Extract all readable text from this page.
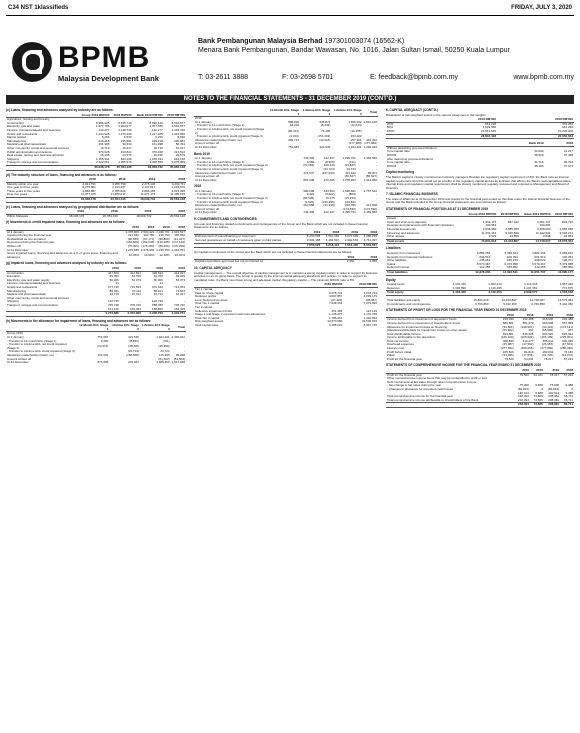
C34 NST 1klassifieds	FRIDAY, JULY 3, 2020
BPMB
Malaysia Development Bank
Bank Pembangunan Malaysia Berhad 197301003074 (16562-K)
Menara Bank Pembangunan, Bandar Wawasan, No. 1016, Jalan Sultan Ismail, 50250 Kuala Lumpur
T: 03-2611 3888	F: 03-2698 5701	E: feedback@bpmb.com.my	www.bpmb.com.my
NOTES TO THE FINANCIAL STATEMENTS - 31 DECEMBER 2019 (CONT'D.)
(c) Loans, financing and advances analysed by industry are as follows:
	Group 2019 RM'000	2018 RM'000	Bank 2019 RM'000	2018 RM'000
Agriculture, hunting and forestry				
Construction	8,966,325	8,535,744	8,696,649	8,532,577
Electricity, gas and water	1,977,786	1,964,977	1,977,786	1,964,977
Finance, insurance/takaful and business	142,277	2,148,740	142,277	2,148,740
Hotels and restaurants	1,244,928	1,273,400	1,217,205	1,216,856
Marine related	5,256	6,530	5,256	6,530
Manufacturing	249,218	235,581	249,218	235,581
Medical and pharmaceuticals	161,398	50,334	161,398	50,334
Other community, social and personal services	16,719	16,017	16,719	16,017
Public administration and defence	370,328	313,824	370,328	313,812
Real estate, renting and business activities	16,196	23,579	16,196	23,579
Shipping	1,155,334	844,136	1,155,334	844,136
Transport, storage and communication	2,422,661	1,905,370	2,398,556	3,078,999
	36,038,178	35,784,436	36,009,732	35,864,148
(d) The maturity structure of loans, financing and advances is as follows:
	2019	2018	2019	2018
Maturity within one year	2,341,731	4,255,799	2,278,146	4,203,711
One year to three years	2,275,901	2,214,397	2,137,917	2,245,876
Three years to five years	2,868,887	2,785,026	2,886,165	2,615,095
Over five years	11,077,475	11,483,047	11,077,475	11,496,136
	18,038,178	20,784,436	18,009,732	20,564,148
(e) Loans, financing and advances analysed by geographical distribution are as follows:
	2019	2018	2019	2018
Within Malaysia	18,038,178	20,784,436	18,009,732	20,564,148
(f) Movements in credit impaired loans, financing and advances are as follows:
	2019	2018	2019	2018
At 1 January	2,376,906	2,563,422	2,346,751	2,633,517
Impaired during the financial year	221,940	390,780	216,750	396,650
Reclassified as non-impaired	(96,555)	(97,171)	(96,880)	(41,047)
Recovered during the financial year	(153,605)	(162,646)	(140,395)	(147,140)
Written off	(75,000)	(176,450)	(89,466)	(170,299)
At 31 December	2,273,686	2,376,906	2,236,760	2,346,751
Gross impaired loans, financing and advances as a % of gross loans, financing and advances	12.45%	10.90%	12.18%	10.91%
(g) Impaired loans, financing and advances analysed by industry are as follows:
	2019	2018	2019	2018
Construction	447,873	414,531	445,544	414,047
Education	69,353	63,760	63,760	69,029
Electricity, gas and water supply	50,306	54,373	50,306	54,373
Finance, insurance/takaful and business	21		21	
Hotels and restaurants	677,745	716,543	670,649	712,051
Manufacturing	86,341	70,114	86,101	71,523
Medical and pharmaceuticals	16,719	16,017	16,719	16,017
Other community, social and personal services				
Shipping	122,735	-	122,735	-
Transport, storage and communication	795,748	705,726	658,780	705,726
	161,146	169,493	156,826	162,425
	2,273,686	2,376,906	2,236,760	2,346,751
(h) Movements in the allowance for impairment of loans, financing and advances are as follows:
	12-Month ECL Stage 1	Lifetime ECL Stage 2	Lifetime ECL Stage 3	Total
Group 2019				
At 1 January	751,987	423,536	1,324,421	2,499,922
- Transfer to 12-month ECL (Stage 1)	9,380	(8,834)	(761)	-
- Transfer to Lifetime ECL not credit impaired (Stage 2)	(70,374)	105,509	(35,490)	-
- Transfer to Lifetime ECL credit impaired (Stage 3)		(23,724)	23,724	-
Allowance made/(written back), net	161,562	(168,608)	115,496	99,098
Amount written off			(81,503)	(81,503)
At 31 December	876,395	270,947	1,305,453	2,517,069
	12-Month ECL Stage 1	Lifetime ECL Stage 2	Lifetime ECL Stage 3	Total
2018				
At 1 January	580,830	545,874	1,695,352	2,822,100
- Transfer to 12-month ECL (Stage 1)	18,204	(8,449)	(11,614)	-
- Transfer to Lifetime ECL not credit impaired (Stage 2)	(60,341)	76,496	(16,155)	-
- Transfer to Lifetime ECL credit impaired (Stage 3)	(2,001)	(151,003)	153,003	-
Allowance made/(written back), net	200,713	(43,318)	257,901	415,302
Amount written off			(177,980)	(177,980)
At 31 December	751,987	423,536	1,324,421	2,499,922
Bank 2019
At 1 January	749,405	422,327	1,295,761	2,469,566
- Transfer to 12-month ECL (Stage 1)	9,669	(8,909)	(761)	-
- Transfer to Lifetime ECL not credit impaired (Stage 2)	(70,283)	105,143	(34,847)	-
- Transfer to Lifetime ECL credit impaired (Stage 3)		(23,724)	23,724	-
Allowance made/(written back), net	176,570	(167,633)	113,942	99,901
Amount written off			(80,627)	(80,627)
At 31 December	864,008	270,605	1,278,963	2,414,050
2018
At 1 January	580,298	544,563	1,638,661	2,767,522
- Transfer to 12-month ECL (Stage 1)	9,422	(8,622)	(800)	-
- Transfer to Lifetime ECL not credit impaired (Stage 2)	(60,528)	76,475	(15,153)	-
- Transfer to Lifetime ECL credit impaired (Stage 3)	(2,526)	(150,995)	153,821	-
Allowance made/(written back), net	210,588	(41,236)	294,056	413,508
Amount written off			(174,530)	(174,530)
At 31 December	749,405	422,327	1,295,761	2,469,566
9. COMMITMENTS AND CONTINGENCIES
(a) Loan and financing related commitments and contingencies of the Group and the Bank which are not included in these financial statements are as follows:
	2019	2018	2019	2018
Disbursement of loans/financing to customers	5,250,608	4,510,166	6,071,639	4,286,236
Secured guarantees on behalf of customers given to third parties	2,301,188	1,191,547	2,301,663	1,761,397
	7,550,026	6,218,413	7,513,405	6,049,567
(b) Capital commitments of the Group and the Bank which are not included in these financial statements are as follows:
		2019		2018
Capital expenditure approved but not contracted for		2,360		2,360
10. CAPITAL ADEQUACY
Capital management — The overall objective of capital management is to maintain a strong capital position in order to support its business activities on an on-going basis. The Group is guided by the internal capital adequacy standards and policies. In order to support its mandated roles, the Bank must have strong and adequate capital. Regulatory capital — The minimum RWCR ratio is 8%.
		2019 RM'000		2018 RM'000
Tier 1 capital				
Paid-up share capital		3,078,724		3,078,724
Retained profits		4,607,857		4,239,179
Less: Deferred tax asset		(37,420)		(38,067)
Total Tier 1 capital		7,649,161		7,279,836
Tier 2 capital				
Collective impairment funds		451,384		124,129
Stage 1 and Stage 2 expected credit loss allowances		1,135,077		1,170,765
Total Tier 2 capital		1,786,461		1,294,894
Risk-weighted assets		34,570,580		31,593,819
Total capital base		9,185,622		8,647,745
6. CAPITAL ADEQUACY (CONT'D.)
Breakdown of risk-weighted assets in the various categories of risk weights:
		2019 RM'000		2018 RM'000
20%		661,218		476,256
50%		1,539,558		942,296
100%		21,641,646		21,234,000
		23,842,418		22,652,633
		Bank 2019		2018
Without deducting proposed dividend:				
Core capital ratio		32.090		31.217
RWCR		38.529		37.498
After deducting proposed dividend:				
Core capital ratio		31.716		30.794
RWCR		38.196		37.073
Capital monitoring
The Bank's capital is closely monitored and actively managed. Besides the regulatory capital requirement of 8%, the Bank sets an internal capital requirement limit that would act as a buffer to the regulatory capital and as an indicator that affirms the Bank's well capitalised status. Internal limits and regulatory capital requirement shall be closely monitored, regularly reviewed and reported to Management and Board of Directors.
7. ISLAMIC FINANCIAL BUSINESS
The state of affairs as at 31 December 2019 and results for the financial year ended on this date under the Islamic financial business of the Group and the Bank included in the Group financial statements are summarised as follows:
STATEMENTS OF FINANCIAL POSITION AS AT 31 DECEMBER 2019
	Group 2019 RM'000	2018 RM'000	Bank 2019 RM'000	2018 RM'000
Assets				
Cash and short-term deposits	1,364,176	887,192	1,051,797	833,710
Deposits and placements with financial institutions	190,681		190,681	
Financial investments	2,598,060	2,685,358	2,698,060	2,685,358
Financing and advances	11,294,163	9,446,506	11,222,632	9,618,271
Other assets	3,929	23,856	2,638	23,863
Total assets	15,801,618	13,424,897	14,718,007	13,573,354
Liabilities
Deposits from customers	4,882,066	5,369,524	4,882,106	5,369,624
Deposits from financial institutions	601,519	100,354	601,519	100,354
Other liabilities	236,061	165,243	208,022	138,371
Sukuk	6,570,467	6,379,958	6,570,467	6,379,958
Deferred income	412,255	185,962	412,255	185,962
Total liabilities	12,378,366	11,322,641	11,651,737	11,995,177
Equity
Capital funds	1,102,410	1,002,410	1,113,418	1,087,430
Reserves	1,330,890	1,110,495	1,107,352	772,675
Total equity	2,433,300	2,112,256	2,999,570	1,578,158
Total liabilities and equity	15,801,618	13,424,897	14,718,007	13,573,354
Commitments and contingencies	6,766,850	5,432,356	6,766,850	5,432,356
STATEMENTS OF PROFIT OR LOSS FOR THE FINANCIAL YEAR ENDED 31 DECEMBER 2019
	2019	2018	2019	2018
Income derived from investment of depositors' funds	218,930	232,488	218,930	232,488
Income derived from investment of shareholders' funds	586,801	581,679	560,548	557,389
Allowance for impairment losses on financing	(93,801)	(198,501)	(93,116)	(174,121)
(Allowance)/writeback for impairment losses on other assets	(55,902)	257	(55,900)	257
Total distributable income	833,861	635,628	630,920	625,944
Income attributable to the depositors	(165,109)	(225,001)	(165,109)	(225,001)
Total net income	468,843	410,277	465,611	400,935
Overhead expenses	(25,987)	(47,563)	(25,987)	(47,563)
Finance cost	(277,890)	(280,066)	(277,890)	(280,066)
Profit before zakat	165,816	81,619	160,043	73,160
Zakat	(34,996)	(17,656)	(31,726)	(14,972)
Profit for the financial year	79,520	64,031	78,017	57,223
STATEMENTS OF COMPREHENSIVE INCOME FOR THE FINANCIAL YEAR ENDED 31 DECEMBER 2019
	2019	2018	2019	2018
Profit for the financial year	79,520	64,031	78,017	57,223
Other comprehensive income items that may be reclassified to profit or loss:				
Debt instruments at fair value through other comprehensive income				
- Net change in fair value during the year	75,000	9,488	75,000	9,488
- Changes in allowance for expected credit losses	(60,914)	0	(60,914)	0
	140,914	9,488	140,914	9,488
Total comprehensive income for the financial year	218,494	73,825	208,981	66,711
Total comprehensive income attributable to shareholders of the Bank	218,494	73,825	208,981	66,711
	218,494	73,825	208,981	66,711
